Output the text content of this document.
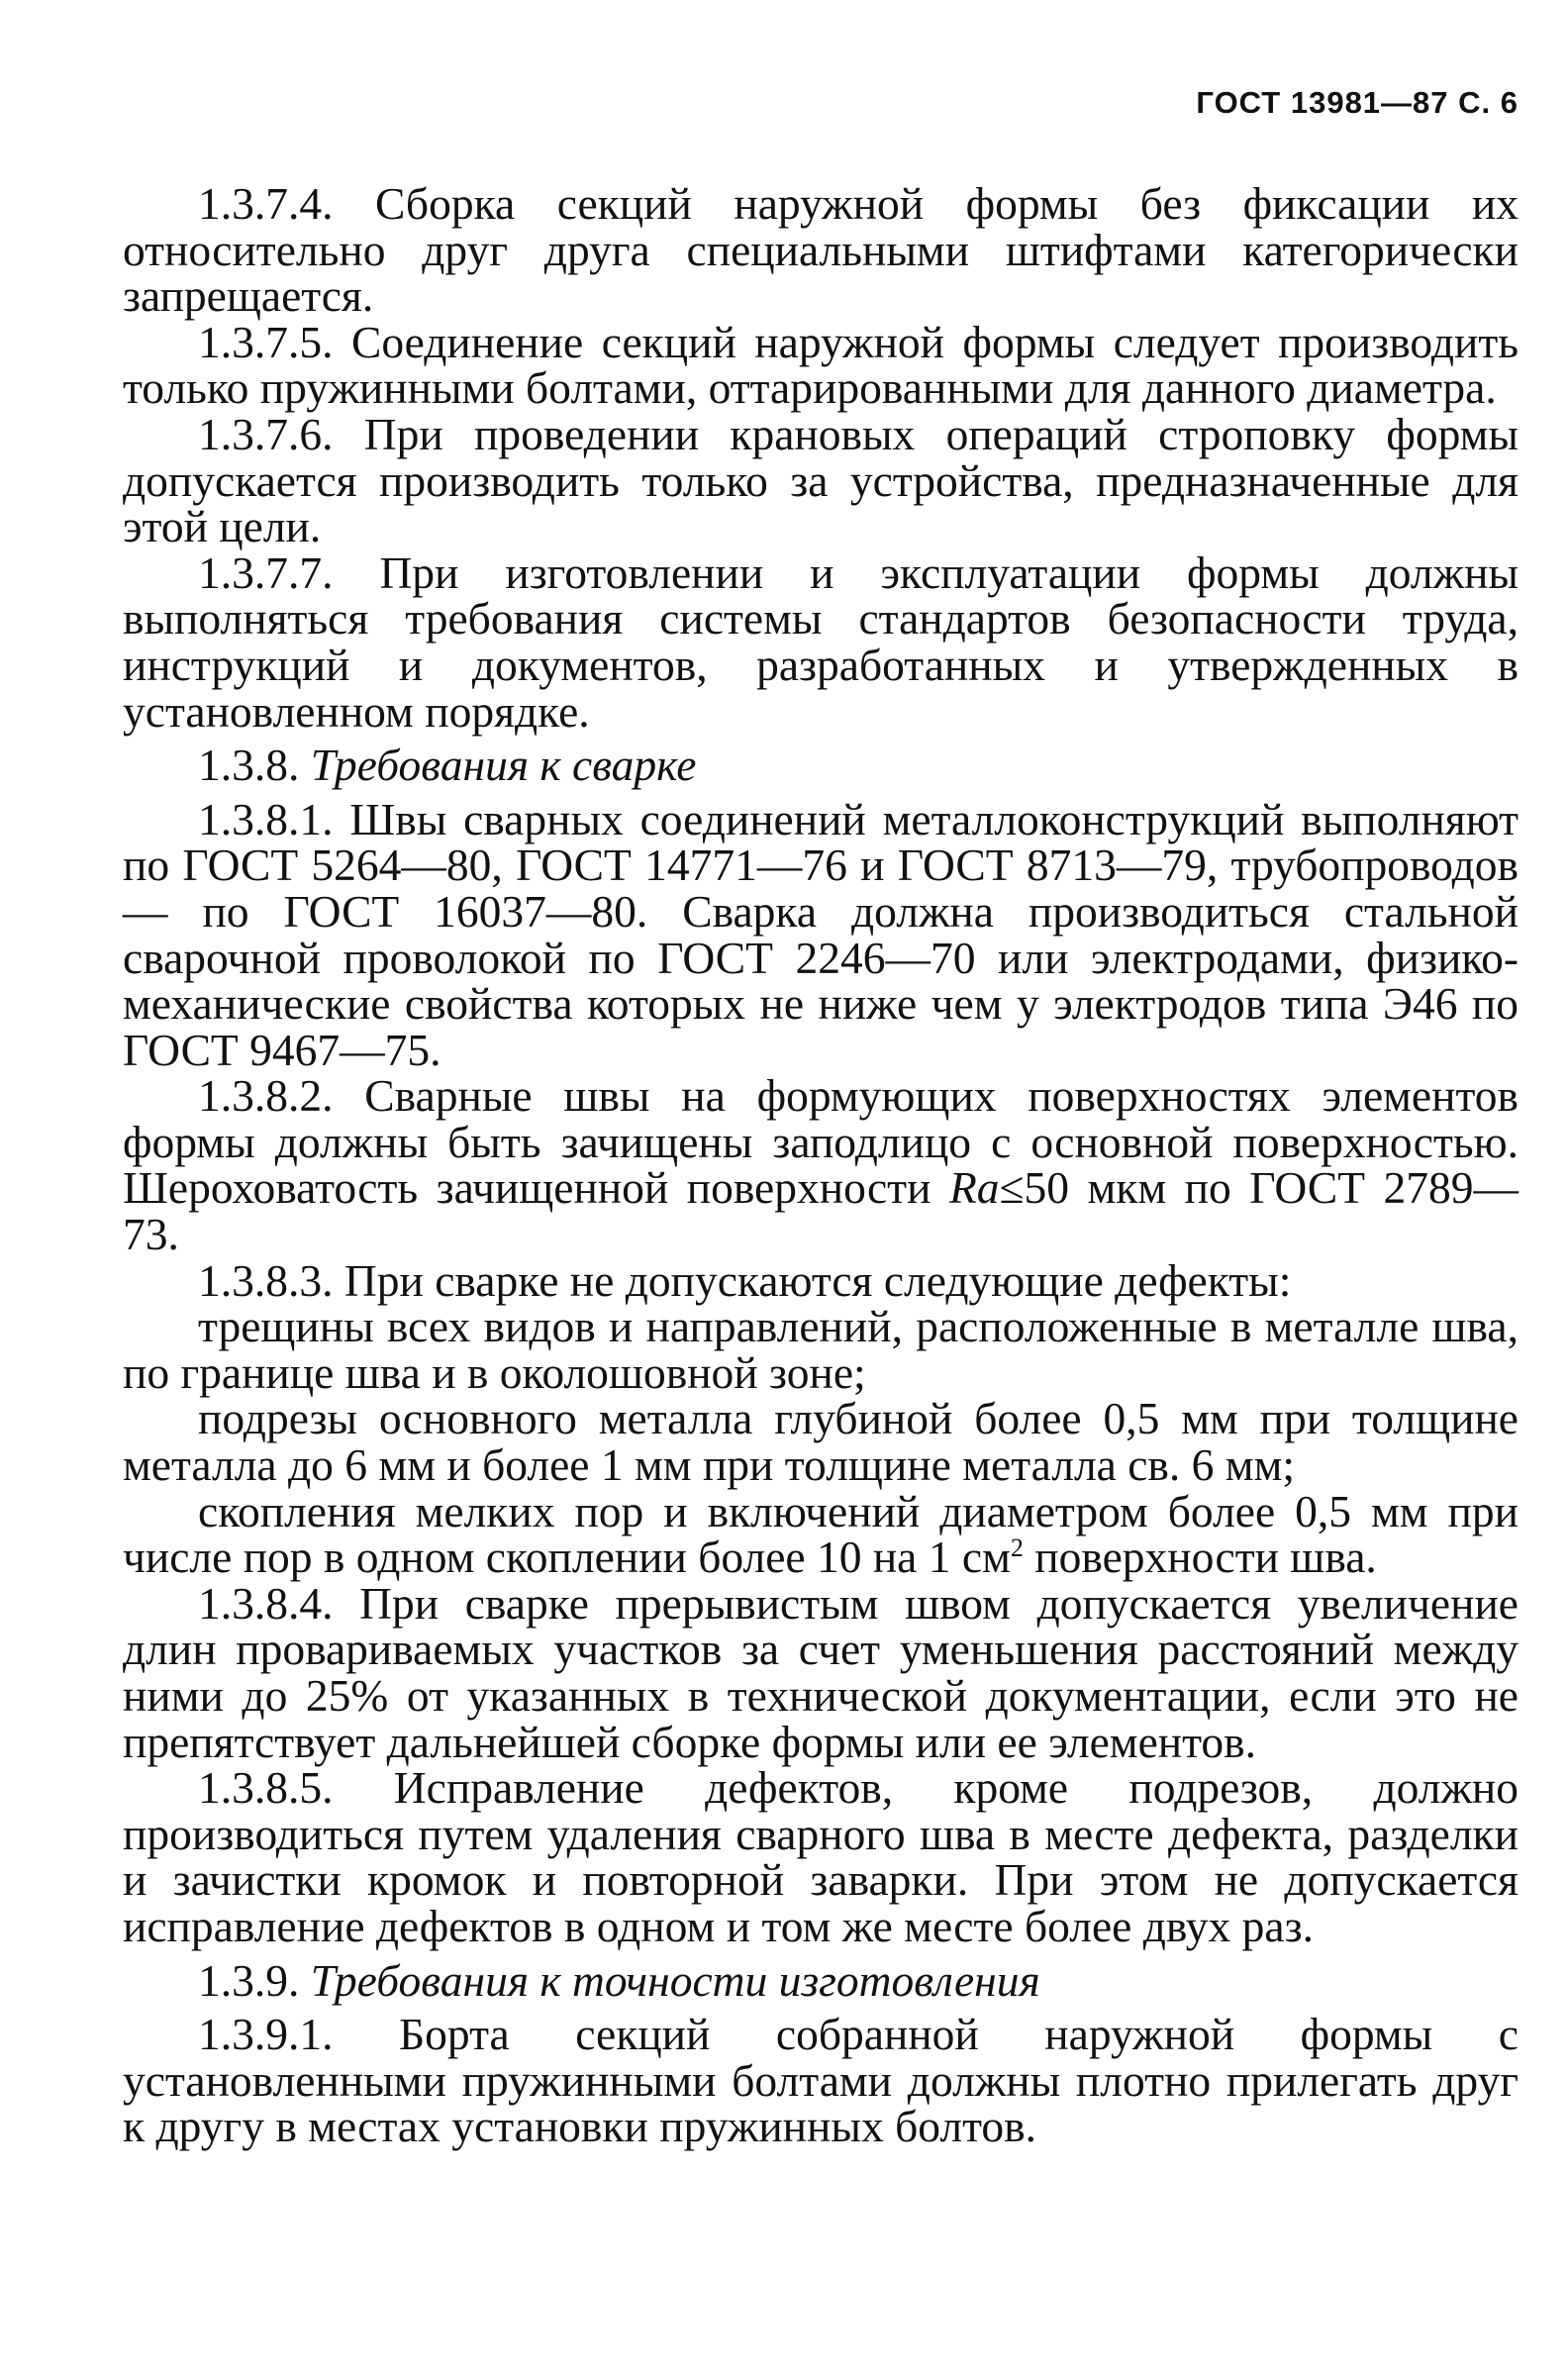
ГОСТ 13981—87 С. 6

1.3.7.4. Сборка секций наружной формы без фиксации их относительно друг друга специальными штифтами категорически запрещается.

1.3.7.5. Соединение секций наружной формы следует производить только пружинными болтами, оттарированными для данного диаметра.

1.3.7.6. При проведении крановых операций строповку формы допускается производить только за устройства, предназначенные для этой цели.

1.3.7.7. При изготовлении и эксплуатации формы должны выполняться требования системы стандартов безопасности труда, инструкций и документов, разработанных и утвержденных в установленном порядке.

1.3.8. Требования к сварке

1.3.8.1. Швы сварных соединений металлоконструкций выполняют по ГОСТ 5264—80, ГОСТ 14771—76 и ГОСТ 8713—79, трубопроводов — по ГОСТ 16037—80. Сварка должна производиться стальной сварочной проволокой по ГОСТ 2246—70 или электродами, физико-механические свойства которых не ниже чем у электродов типа Э46 по ГОСТ 9467—75.

1.3.8.2. Сварные швы на формующих поверхностях элементов формы должны быть зачищены заподлицо с основной поверхностью. Шероховатость зачищенной поверхности Ra≤50 мкм по ГОСТ 2789—73.

1.3.8.3. При сварке не допускаются следующие дефекты:

трещины всех видов и направлений, расположенные в металле шва, по границе шва и в околошовной зоне;

подрезы основного металла глубиной более 0,5 мм при толщине металла до 6 мм и более 1 мм при толщине металла св. 6 мм;

скопления мелких пор и включений диаметром более 0,5 мм при числе пор в одном скоплении более 10 на 1 $см^2$ поверхности шва.

1.3.8.4. При сварке прерывистым швом допускается увеличение длин провариваемых участков за счет уменьшения расстояний между ними до 25% от указанных в технической документации, если это не препятствует дальнейшей сборке формы или ее элементов.

1.3.8.5. Исправление дефектов, кроме подрезов, должно производиться путем удаления сварного шва в месте дефекта, разделки и зачистки кромок и повторной заварки. При этом не допускается исправление дефектов в одном и том же месте более двух раз.

1.3.9. Требования к точности изготовления

1.3.9.1. Борта секций собранной наружной формы с установленными пружинными болтами должны плотно прилегать друг к другу в местах установки пружинных болтов.
